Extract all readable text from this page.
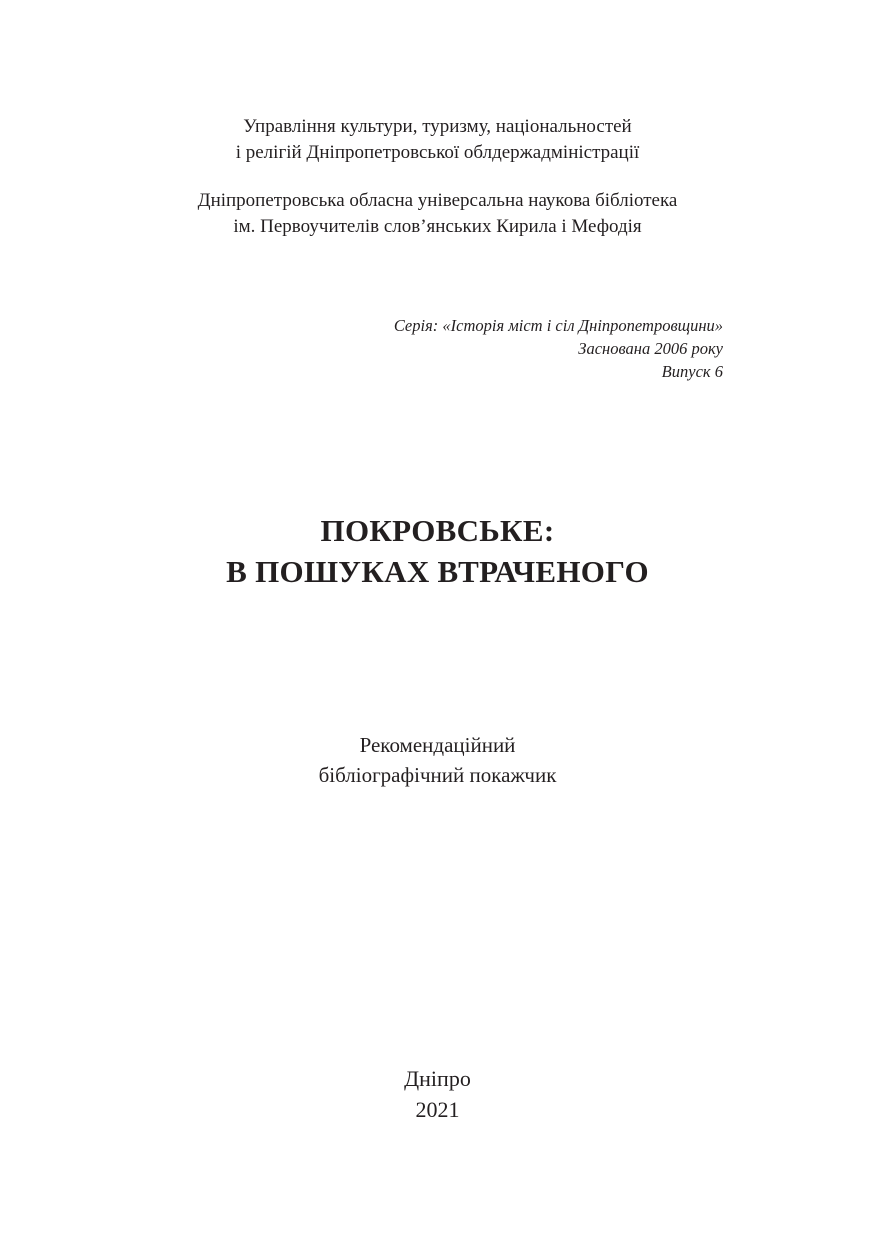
Управління культури, туризму, національностей
і релігій Дніпропетровської облдержадміністрації
Дніпропетровська обласна універсальна наукова бібліотека
ім. Первоучителів слов’янських Кирила і Мефодія
Серія: «Історія міст і сіл Дніпропетровщини»
Заснована 2006 року
Випуск 6
ПОКРОВСЬКЕ:
В ПОШУКАХ ВТРАЧЕНОГО
Рекомендаційний
бібліографічний покажчик
Дніпро
2021
